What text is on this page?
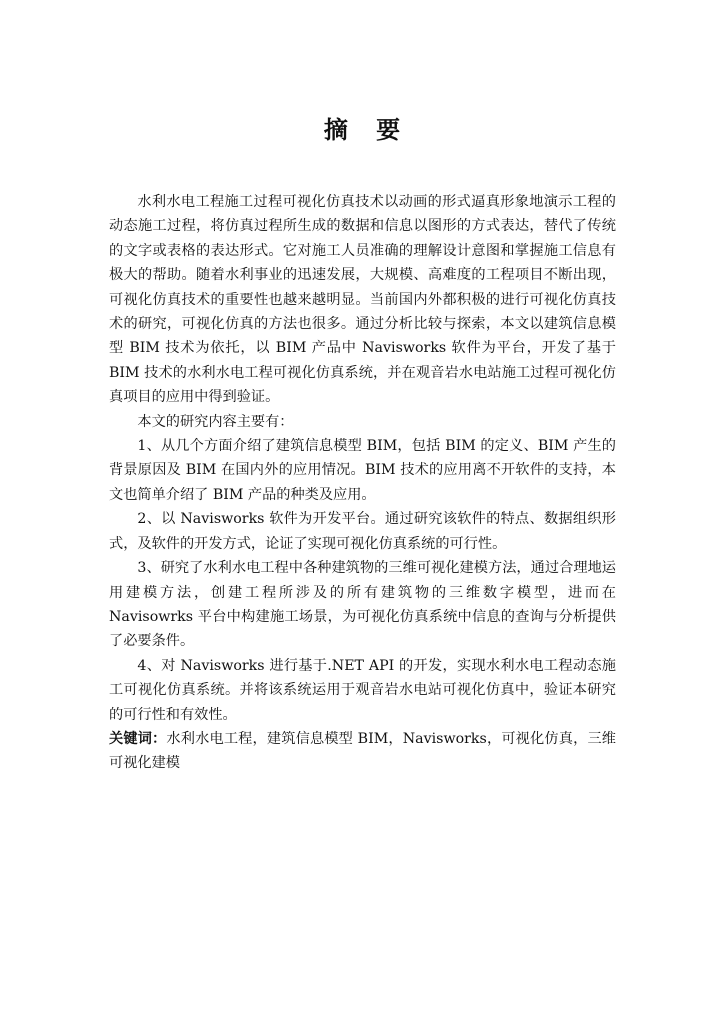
摘 要

水利水电工程施工过程可视化仿真技术以动画的形式逼真形象地演示工程的动态施工过程，将仿真过程所生成的数据和信息以图形的方式表达，替代了传统的文字或表格的表达形式。它对施工人员准确的理解设计意图和掌握施工信息有极大的帮助。随着水利事业的迅速发展，大规模、高难度的工程项目不断出现，可视化仿真技术的重要性也越来越明显。当前国内外都积极的进行可视化仿真技术的研究，可视化仿真的方法也很多。通过分析比较与探索，本文以建筑信息模型 BIM 技术为依托，以 BIM 产品中 Navisworks 软件为平台，开发了基于 BIM 技术的水利水电工程可视化仿真系统，并在观音岩水电站施工过程可视化仿真项目的应用中得到验证。

本文的研究内容主要有：

1、从几个方面介绍了建筑信息模型 BIM，包括 BIM 的定义、BIM 产生的背景原因及 BIM 在国内外的应用情况。BIM 技术的应用离不开软件的支持，本文也简单介绍了 BIM 产品的种类及应用。

2、以 Navisworks 软件为开发平台。通过研究该软件的特点、数据组织形式，及软件的开发方式，论证了实现可视化仿真系统的可行性。

3、研究了水利水电工程中各种建筑物的三维可视化建模方法，通过合理地运用建模方法，创建工程所涉及的所有建筑物的三维数字模型，进而在 Navisowrks 平台中构建施工场景，为可视化仿真系统中信息的查询与分析提供了必要条件。

4、对 Navisworks 进行基于.NET API 的开发，实现水利水电工程动态施工可视化仿真系统。并将该系统运用于观音岩水电站可视化仿真中，验证本研究的可行性和有效性。

关键词：水利水电工程，建筑信息模型 BIM，Navisworks，可视化仿真，三维可视化建模
